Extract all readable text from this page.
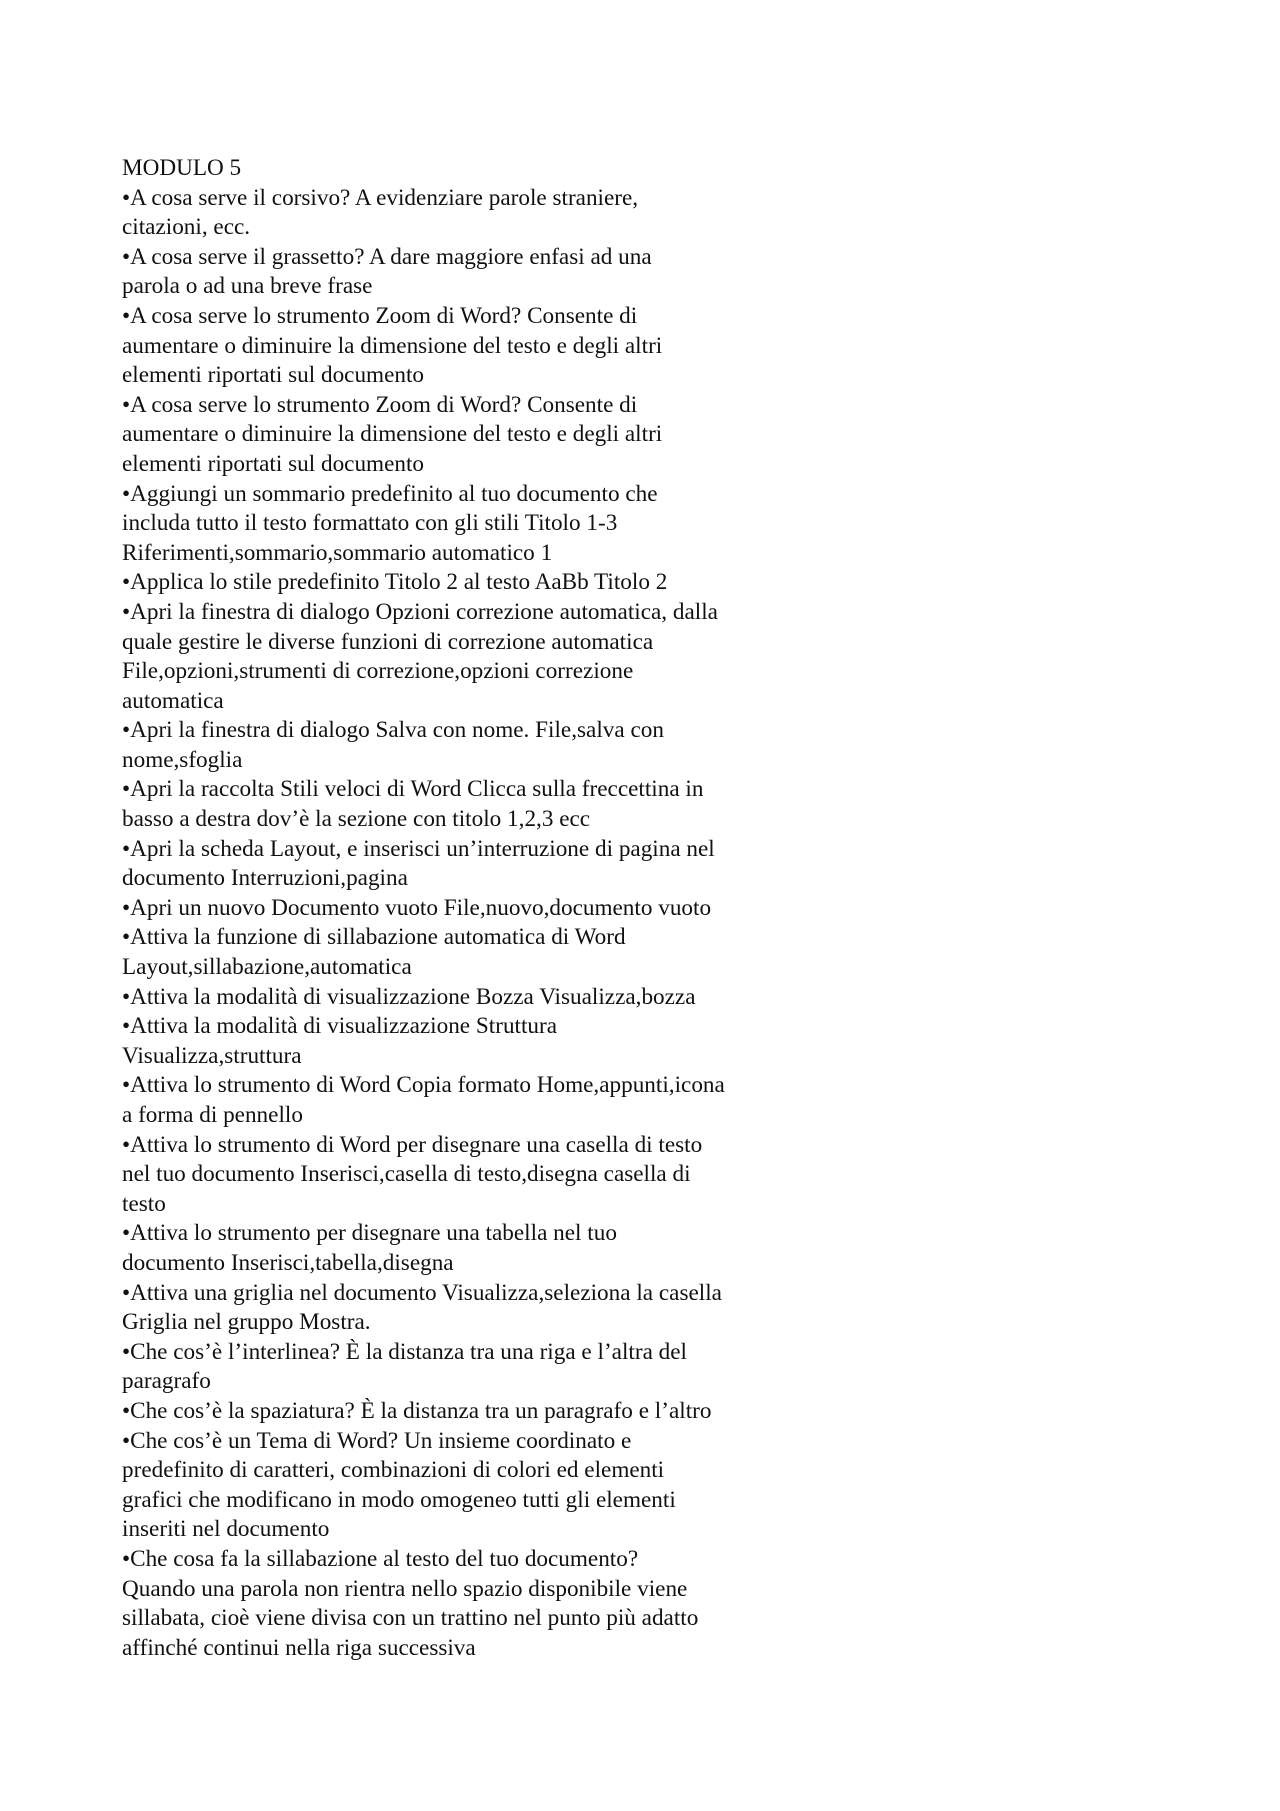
MODULO 5
•A cosa serve il corsivo? A evidenziare parole straniere,
citazioni, ecc.
•A cosa serve il grassetto? A dare maggiore enfasi ad una
parola o ad una breve frase
•A cosa serve lo strumento Zoom di Word? Consente di
aumentare o diminuire la dimensione del testo e degli altri
elementi riportati sul documento
•A cosa serve lo strumento Zoom di Word? Consente di
aumentare o diminuire la dimensione del testo e degli altri
elementi riportati sul documento
•Aggiungi un sommario predefinito al tuo documento che
includa tutto il testo formattato con gli stili Titolo 1-3
Riferimenti,sommario,sommario automatico 1
•Applica lo stile predefinito Titolo 2 al testo AaBb Titolo 2
•Apri la finestra di dialogo Opzioni correzione automatica, dalla
quale gestire le diverse funzioni di correzione automatica
File,opzioni,strumenti di correzione,opzioni correzione
automatica
•Apri la finestra di dialogo Salva con nome. File,salva con
nome,sfoglia
•Apri la raccolta Stili veloci di Word Clicca sulla freccettina in
basso a destra dov’è la sezione con titolo 1,2,3 ecc
•Apri la scheda Layout, e inserisci un’interruzione di pagina nel
documento Interruzioni,pagina
•Apri un nuovo Documento vuoto File,nuovo,documento vuoto
•Attiva la funzione di sillabazione automatica di Word
Layout,sillabazione,automatica
•Attiva la modalità di visualizzazione Bozza Visualizza,bozza
•Attiva la modalità di visualizzazione Struttura
Visualizza,struttura
•Attiva lo strumento di Word Copia formato Home,appunti,icona
a forma di pennello
•Attiva lo strumento di Word per disegnare una casella di testo
nel tuo documento Inserisci,casella di testo,disegna casella di
testo
•Attiva lo strumento per disegnare una tabella nel tuo
documento Inserisci,tabella,disegna
•Attiva una griglia nel documento Visualizza,seleziona la casella
Griglia nel gruppo Mostra.
•Che cos’è l’interlinea? È la distanza tra una riga e l’altra del
paragrafo
•Che cos’è la spaziatura? È la distanza tra un paragrafo e l’altro
•Che cos’è un Tema di Word? Un insieme coordinato e
predefinito di caratteri, combinazioni di colori ed elementi
grafici che modificano in modo omogeneo tutti gli elementi
inseriti nel documento
•Che cosa fa la sillabazione al testo del tuo documento?
Quando una parola non rientra nello spazio disponibile viene
sillabata, cioè viene divisa con un trattino nel punto più adatto
affinché continui nella riga successiva
